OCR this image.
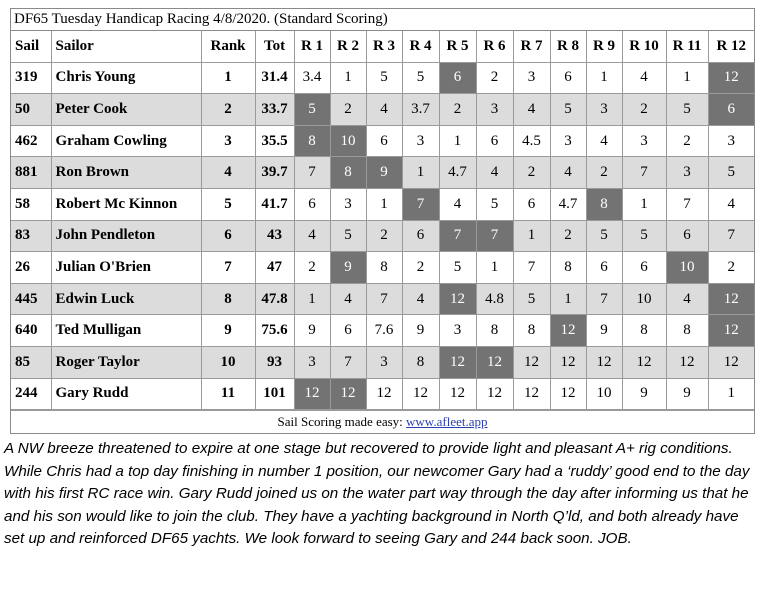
DF65 Tuesday Handicap Racing 4/8/2020. (Standard Scoring)
Sail	Sailor	Rank	Tot	R 1	R 2	R 3	R 4	R 5	R 6	R 7	R 8	R 9	R 10	R 11	R 12
319	Chris Young	1	31.4	3.4	1	5	5	6	2	3	6	1	4	1	12
50	Peter Cook	2	33.7	5	2	4	3.7	2	3	4	5	3	2	5	6
462	Graham Cowling	3	35.5	8	10	6	3	1	6	4.5	3	4	3	2	3
881	Ron Brown	4	39.7	7	8	9	1	4.7	4	2	4	2	7	3	5
58	Robert Mc Kinnon	5	41.7	6	3	1	7	4	5	6	4.7	8	1	7	4
83	John Pendleton	6	43	4	5	2	6	7	7	1	2	5	5	6	7
26	Julian O'Brien	7	47	2	9	8	2	5	1	7	8	6	6	10	2
445	Edwin Luck	8	47.8	1	4	7	4	12	4.8	5	1	7	10	4	12
640	Ted Mulligan	9	75.6	9	6	7.6	9	3	8	8	12	9	8	8	12
85	Roger Taylor	10	93	3	7	3	8	12	12	12	12	12	12	12	12
244	Gary Rudd	11	101	12	12	12	12	12	12	12	12	10	9	9	1
Sail Scoring made easy: www.afleet.app

A NW breeze threatened to expire at one stage but recovered to provide light and pleasant A+ rig conditions. While Chris had a top day finishing in number 1 position, our newcomer Gary had a ‘ruddy’ good end to the day with his first RC race win. Gary Rudd joined us on the water part way through the day after informing us that he and his son would like to join the club. They have a yachting background in North Q’ld, and both already have set up and reinforced DF65 yachts. We look forward to seeing Gary and 244 back soon. JOB.
